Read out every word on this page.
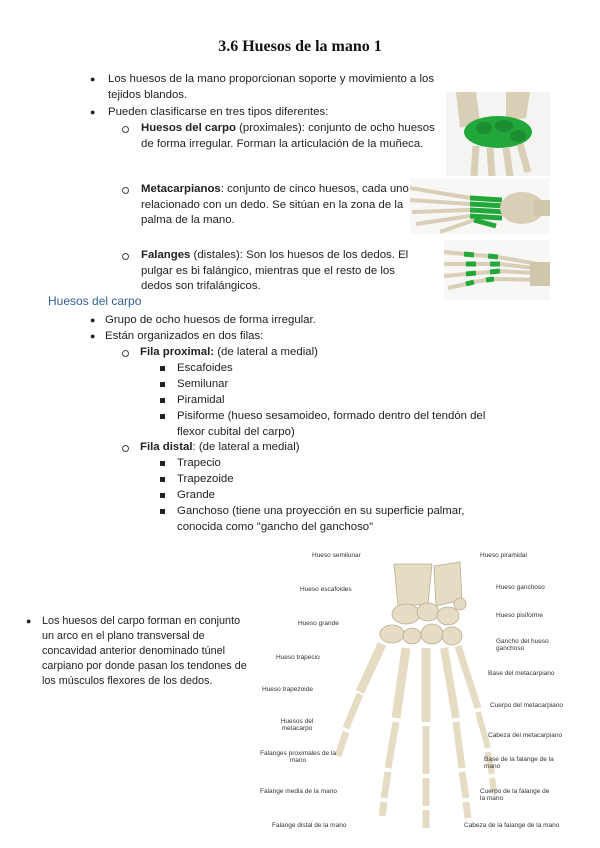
3.6 Huesos de la mano 1
● Los huesos de la mano proporcionan soporte y movimiento a los tejidos blandos.
● Pueden clasificarse en tres tipos diferentes:
Huesos del carpo (proximales): conjunto de ocho huesos de forma irregular. Forman la articulación de la muñeca.
Metacarpianos: conjunto de cinco huesos, cada uno relacionado con un dedo. Se sitúan en la zona de la palma de la mano.
Falanges (distales): Son los huesos de los dedos. El pulgar es bi falángico, mientras que el resto de los dedos son trifalángicos.
Huesos del carpo
● Grupo de ocho huesos de forma irregular.
● Están organizados en dos filas:
Fila proximal: (de lateral a medial)
Escafoides
Semilunar
Piramidal
Pisiforme (hueso sesamoideo, formado dentro del tendón del flexor cubital del carpo)
Fila distal: (de lateral a medial)
Trapecio
Trapezoide
Grande
Ganchoso (tiene una proyección en su superficie palmar, conocida como "gancho del ganchoso"
● Los huesos del carpo forman en conjunto un arco en el plano transversal de concavidad anterior denominado túnel carpiano por donde pasan los tendones de los músculos flexores de los dedos.
Hueso semilunar
Hueso escafoides
Hueso grande
Hueso trapecio
Hueso trapezoide
Huesos del metacarpo
Falanges proximales de la mano
Falange media de la mano
Falange distal de la mano
Hueso piramidal
Hueso ganchoso
Hueso pisiforme
Gancho del hueso ganchoso
Base del metacarpiano
Cuerpo del metacarpiano
Cabeza del metacarpiano
Base de la falange de la mano
Cuerpo de la falange de la mano
Cabeza de la falange de la mano
